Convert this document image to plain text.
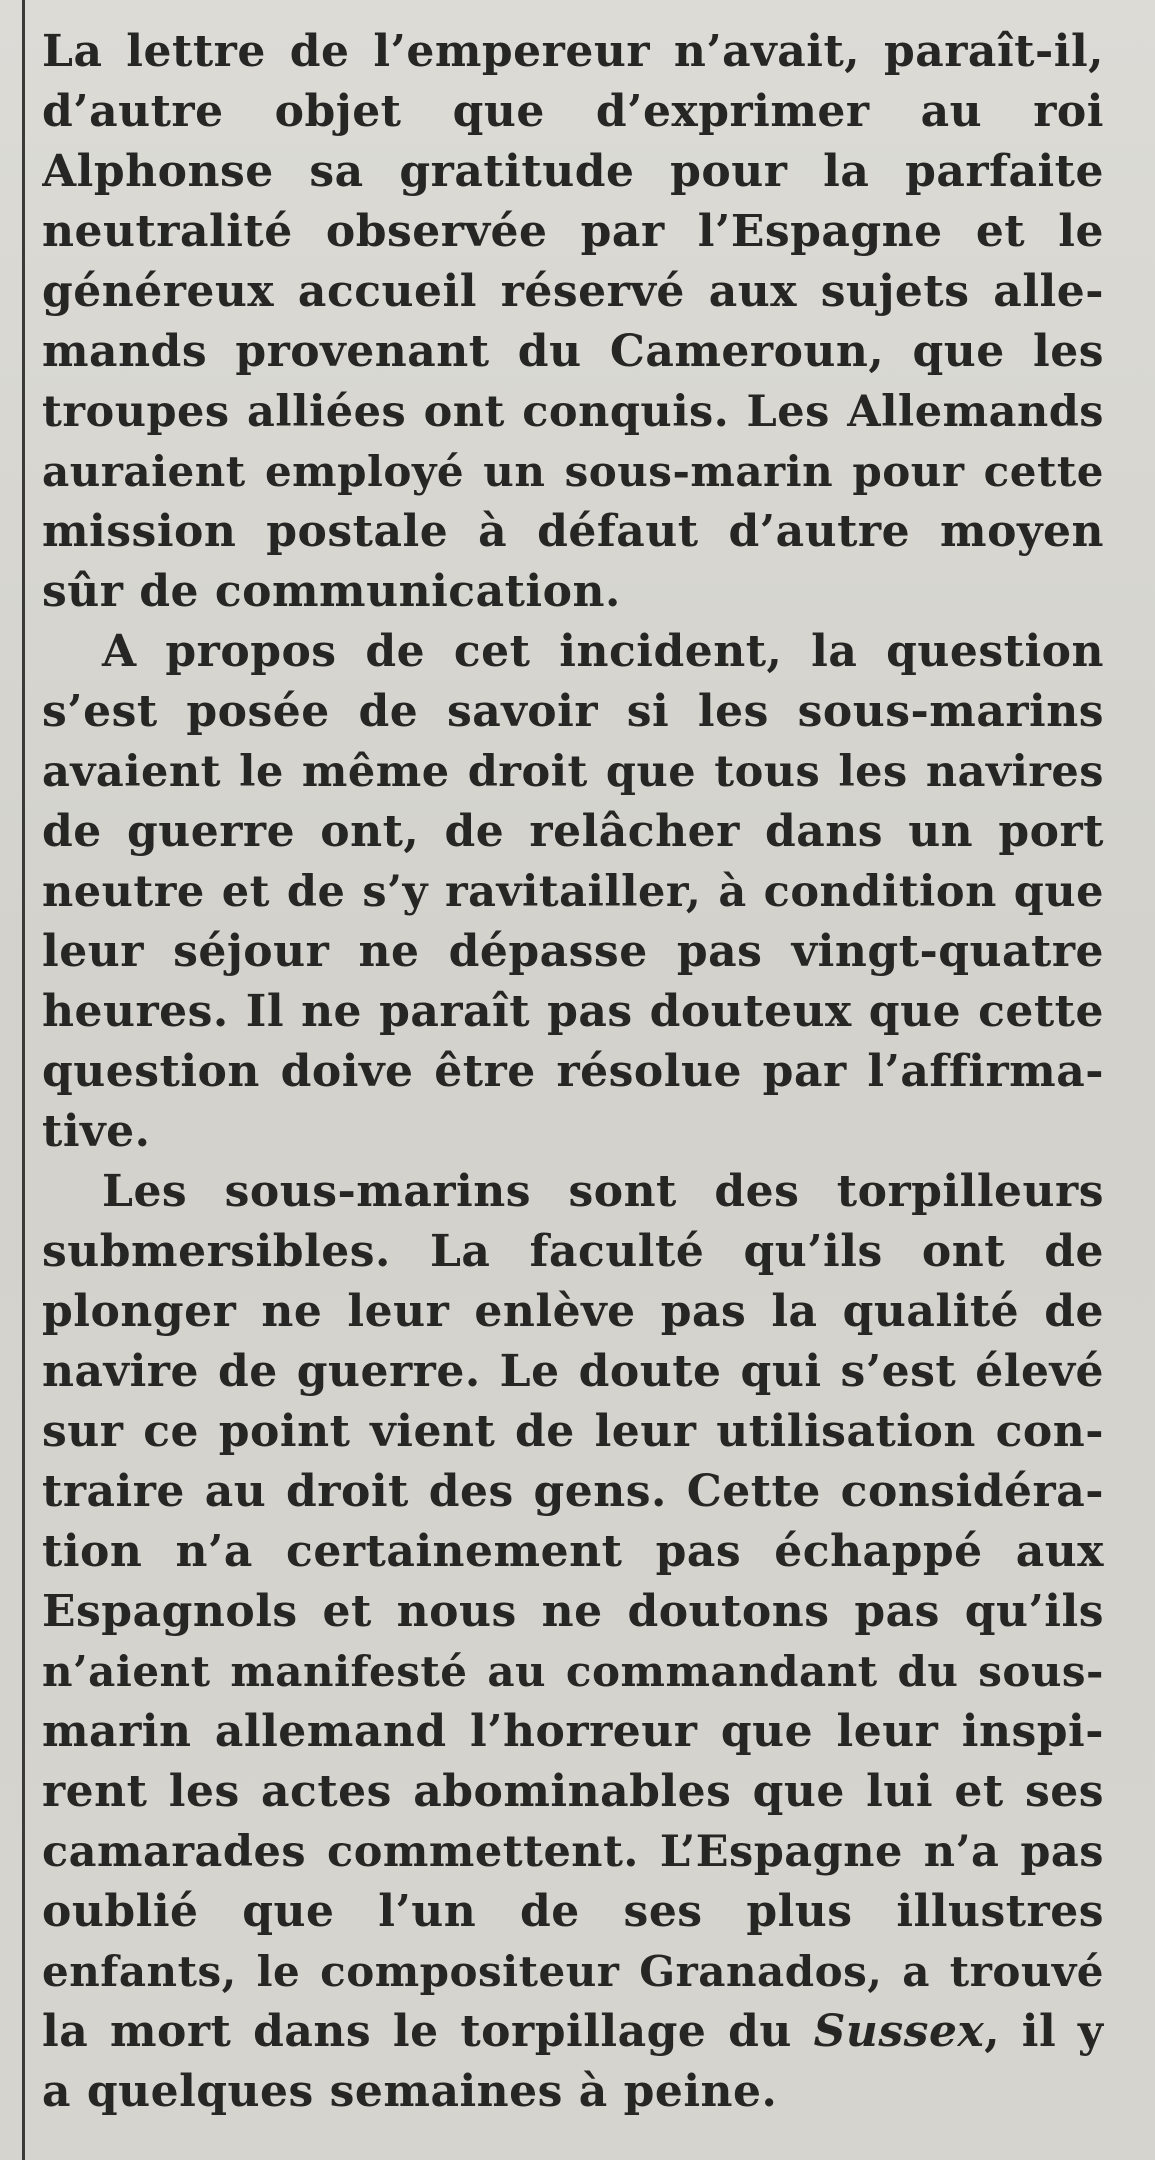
La lettre de l’empereur n’avait, paraît-il,
d’autre objet que d’exprimer au roi
Alphonse sa gratitude pour la parfaite
neutralité observée par l’Espagne et le
généreux accueil réservé aux sujets alle-
mands provenant du Cameroun, que les
troupes alliées ont conquis. Les Allemands
auraient employé un sous-marin pour cette
mission postale à défaut d’autre moyen
sûr de communication.
A propos de cet incident, la question
s’est posée de savoir si les sous-marins
avaient le même droit que tous les navires
de guerre ont, de relâcher dans un port
neutre et de s’y ravitailler, à condition que
leur séjour ne dépasse pas vingt-quatre
heures. Il ne paraît pas douteux que cette
question doive être résolue par l’affirma-
tive.
Les sous-marins sont des torpilleurs
submersibles. La faculté qu’ils ont de
plonger ne leur enlève pas la qualité de
navire de guerre. Le doute qui s’est élevé
sur ce point vient de leur utilisation con-
traire au droit des gens. Cette considéra-
tion n’a certainement pas échappé aux
Espagnols et nous ne doutons pas qu’ils
n’aient manifesté au commandant du sous-
marin allemand l’horreur que leur inspi-
rent les actes abominables que lui et ses
camarades commettent. L’Espagne n’a pas
oublié que l’un de ses plus illustres
enfants, le compositeur Granados, a trouvé
la mort dans le torpillage du Sussex, il y
a quelques semaines à peine.
